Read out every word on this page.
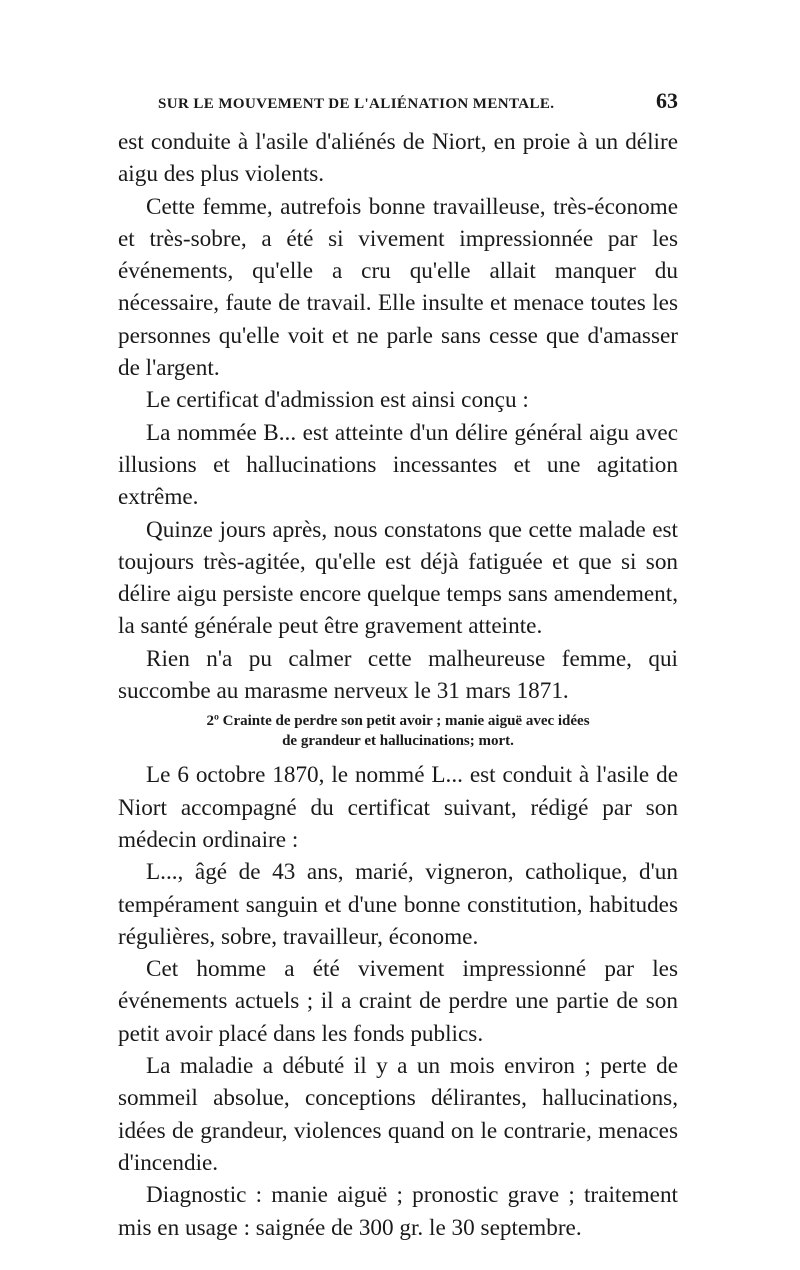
SUR LE MOUVEMENT DE L'ALIÉNATION MENTALE.	63

est conduite à l'asile d'aliénés de Niort, en proie à un délire aigu des plus violents.

Cette femme, autrefois bonne travailleuse, très-économe et très-sobre, a été si vivement impressionnée par les événements, qu'elle a cru qu'elle allait manquer du nécessaire, faute de travail. Elle insulte et menace toutes les personnes qu'elle voit et ne parle sans cesse que d'amasser de l'argent.

Le certificat d'admission est ainsi conçu :

La nommée B... est atteinte d'un délire général aigu avec illusions et hallucinations incessantes et une agitation extrême.

Quinze jours après, nous constatons que cette malade est toujours très-agitée, qu'elle est déjà fatiguée et que si son délire aigu persiste encore quelque temps sans amendement, la santé générale peut être gravement atteinte.

Rien n'a pu calmer cette malheureuse femme, qui succombe au marasme nerveux le 31 mars 1871.

2º Crainte de perdre son petit avoir ; manie aiguë avec idées
de grandeur et hallucinations; mort.

Le 6 octobre 1870, le nommé L... est conduit à l'asile de Niort accompagné du certificat suivant, rédigé par son médecin ordinaire :

L..., âgé de 43 ans, marié, vigneron, catholique, d'un tempérament sanguin et d'une bonne constitution, habitudes régulières, sobre, travailleur, économe.

Cet homme a été vivement impressionné par les événements actuels ; il a craint de perdre une partie de son petit avoir placé dans les fonds publics.

La maladie a débuté il y a un mois environ ; perte de sommeil absolue, conceptions délirantes, hallucinations, idées de grandeur, violences quand on le contrarie, menaces d'incendie.

Diagnostic : manie aiguë ; pronostic grave ; traitement mis en usage : saignée de 300 gr. le 30 septembre.
